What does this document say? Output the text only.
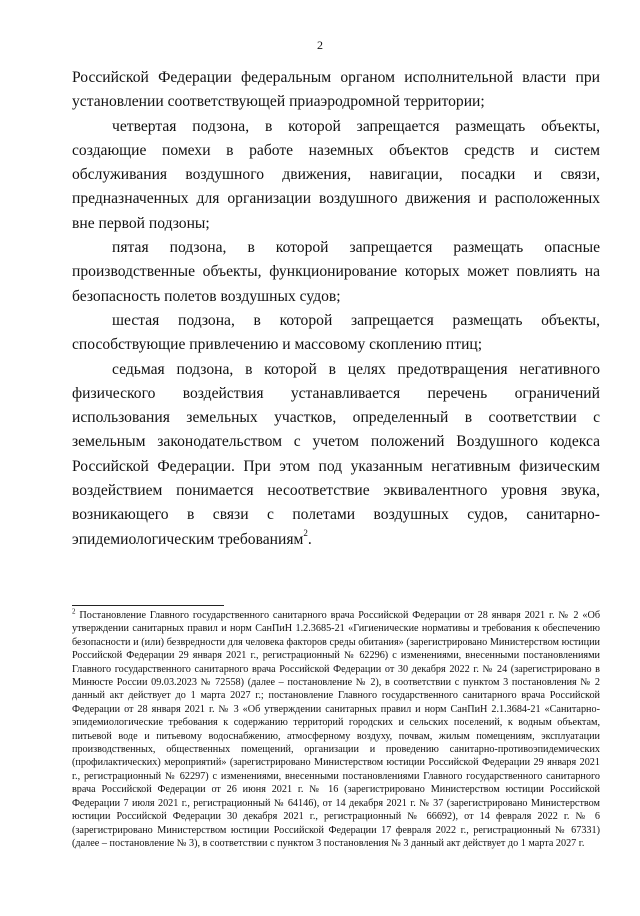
2

Российской Федерации федеральным органом исполнительной власти при установлении соответствующей приаэродромной территории;

четвертая подзона, в которой запрещается размещать объекты, создающие помехи в работе наземных объектов средств и систем обслуживания воздушного движения, навигации, посадки и связи, предназначенных для организации воздушного движения и расположенных вне первой подзоны;

пятая подзона, в которой запрещается размещать опасные производственные объекты, функционирование которых может повлиять на безопасность полетов воздушных судов;

шестая подзона, в которой запрещается размещать объекты, способствующие привлечению и массовому скоплению птиц;

седьмая подзона, в которой в целях предотвращения негативного физического воздействия устанавливается перечень ограничений использования земельных участков, определенный в соответствии с земельным законодательством с учетом положений Воздушного кодекса Российской Федерации. При этом под указанным негативным физическим воздействием понимается несоответствие эквивалентного уровня звука, возникающего в связи с полетами воздушных судов, санитарно-эпидемиологическим требованиям$^2$.

$^2$ Постановление Главного государственного санитарного врача Российской Федерации от 28 января 2021 г. № 2 «Об утверждении санитарных правил и норм СанПиН 1.2.3685-21 «Гигиенические нормативы и требования к обеспечению безопасности и (или) безвредности для человека факторов среды обитания» (зарегистрировано Министерством юстиции Российской Федерации 29 января 2021 г., регистрационный № 62296) с изменениями, внесенными постановлениями Главного государственного санитарного врача Российской Федерации от 30 декабря 2022 г. № 24 (зарегистрировано в Минюсте России 09.03.2023 № 72558) (далее – постановление № 2), в соответствии с пунктом 3 постановления № 2 данный акт действует до 1 марта 2027 г.; постановление Главного государственного санитарного врача Российской Федерации от 28 января 2021 г. № 3 «Об утверждении санитарных правил и норм СанПиН 2.1.3684-21 «Санитарно-эпидемиологические требования к содержанию территорий городских и сельских поселений, к водным объектам, питьевой воде и питьевому водоснабжению, атмосферному воздуху, почвам, жилым помещениям, эксплуатации производственных, общественных помещений, организации и проведению санитарно-противоэпидемических (профилактических) мероприятий» (зарегистрировано Министерством юстиции Российской Федерации 29 января 2021 г., регистрационный № 62297) с изменениями, внесенными постановлениями Главного государственного санитарного врача Российской Федерации от 26 июня 2021 г. № 16 (зарегистрировано Министерством юстиции Российской Федерации 7 июля 2021 г., регистрационный № 64146), от 14 декабря 2021 г. № 37 (зарегистрировано Министерством юстиции Российской Федерации 30 декабря 2021 г., регистрационный № 66692), от 14 февраля 2022 г. № 6 (зарегистрировано Министерством юстиции Российской Федерации 17 февраля 2022 г., регистрационный № 67331) (далее – постановление № 3), в соответствии с пунктом 3 постановления № 3 данный акт действует до 1 марта 2027 г.
